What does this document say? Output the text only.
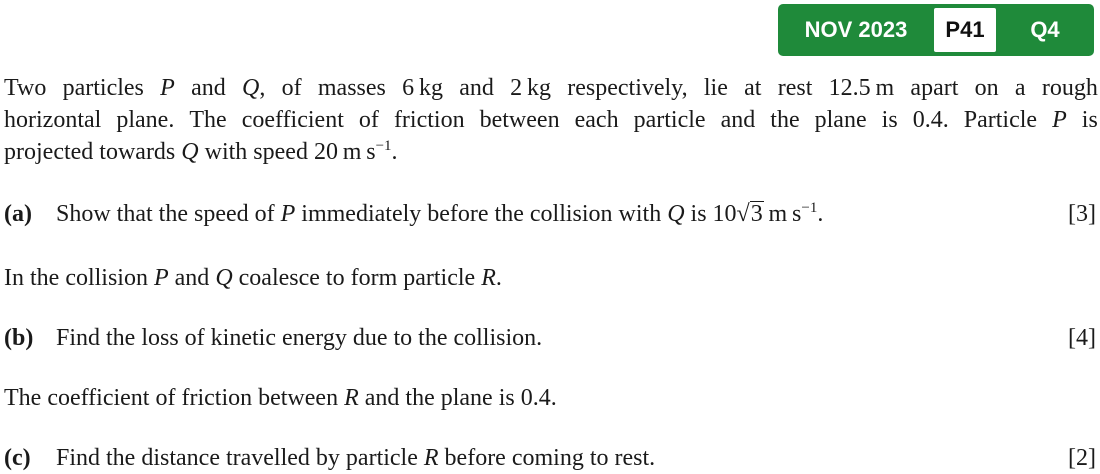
NOV 2023	P41	Q4
Two particles P and Q, of masses 6 kg and 2 kg respectively, lie at rest 12.5 m apart on a rough
horizontal plane. The coefficient of friction between each particle and the plane is 0.4. Particle P is
projected towards Q with speed 20 m $s^{-1}$.
(a) Show that the speed of P immediately before the collision with Q is 10√3 m $s^{-1}$.	[3]
In the collision P and Q coalesce to form particle R.
(b) Find the loss of kinetic energy due to the collision.	[4]
The coefficient of friction between R and the plane is 0.4.
(c) Find the distance travelled by particle R before coming to rest.	[2]
